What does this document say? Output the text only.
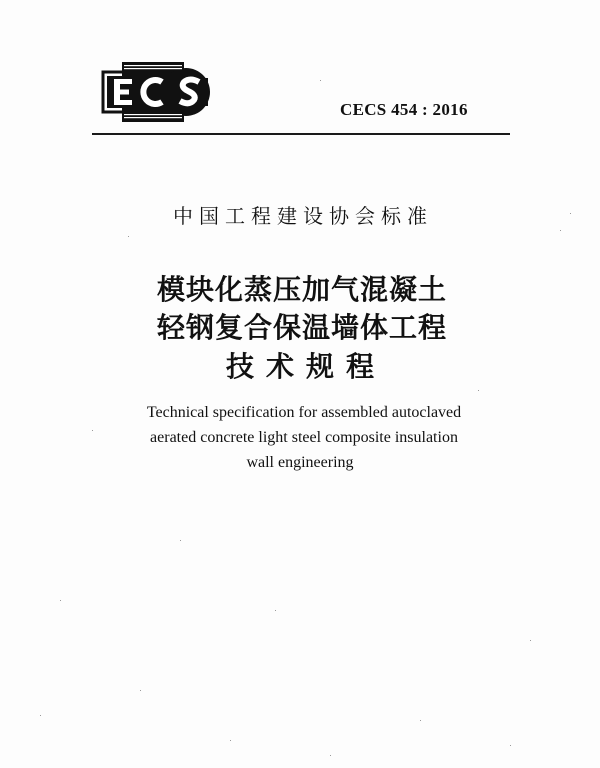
CECS 454 : 2016
中国工程建设协会标准
模块化蒸压加气混凝土
轻钢复合保温墙体工程
技术规程
Technical specification for assembled autoclaved
aerated concrete light steel composite insulation
wall engineering
